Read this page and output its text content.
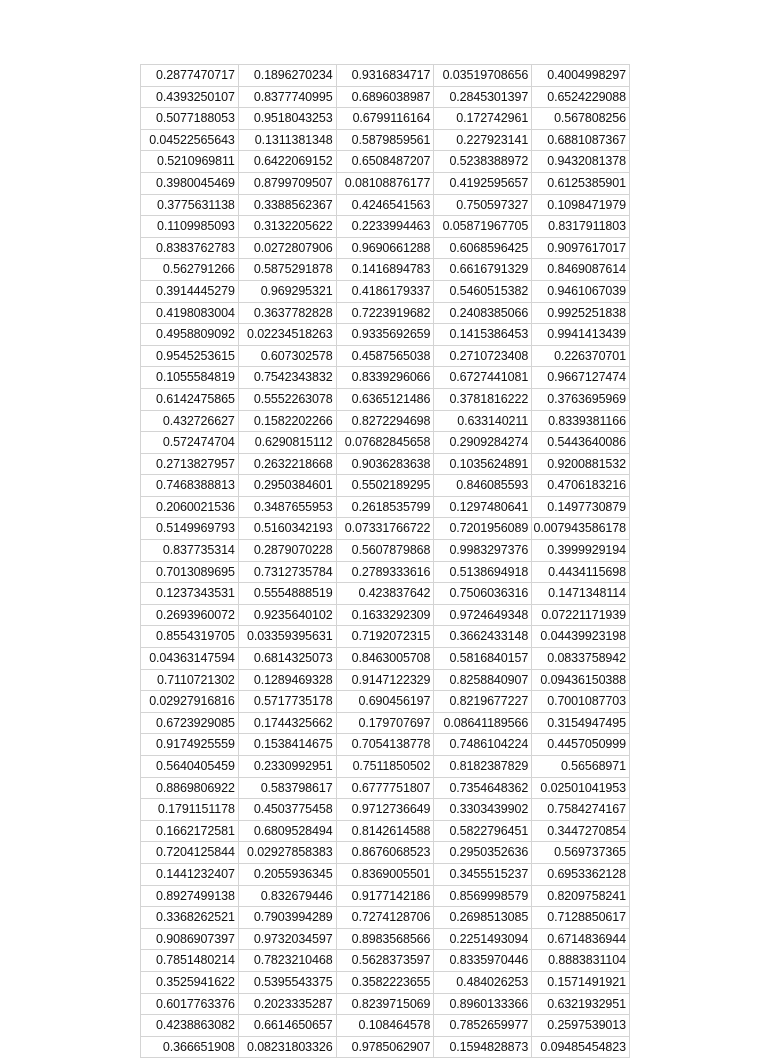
0.2877470717	0.1896270234	0.9316834717	0.03519708656	0.4004998297
0.4393250107	0.8377740995	0.6896038987	0.2845301397	0.6524229088
0.5077188053	0.9518043253	0.6799116164	0.172742961	0.567808256
0.04522565643	0.1311381348	0.5879859561	0.227923141	0.6881087367
0.5210969811	0.6422069152	0.6508487207	0.5238388972	0.9432081378
0.3980045469	0.8799709507	0.08108876177	0.4192595657	0.6125385901
0.3775631138	0.3388562367	0.4246541563	0.750597327	0.1098471979
0.1109985093	0.3132205622	0.2233994463	0.05871967705	0.8317911803
0.8383762783	0.0272807906	0.9690661288	0.6068596425	0.9097617017
0.562791266	0.5875291878	0.1416894783	0.6616791329	0.8469087614
0.3914445279	0.969295321	0.4186179337	0.5460515382	0.9461067039
0.4198083004	0.3637782828	0.7223919682	0.2408385066	0.9925251838
0.4958809092	0.02234518263	0.9335692659	0.1415386453	0.9941413439
0.9545253615	0.607302578	0.4587565038	0.2710723408	0.226370701
0.1055584819	0.7542343832	0.8339296066	0.6727441081	0.9667127474
0.6142475865	0.5552263078	0.6365121486	0.3781816222	0.3763695969
0.432726627	0.1582202266	0.8272294698	0.633140211	0.8339381166
0.572474704	0.6290815112	0.07682845658	0.2909284274	0.5443640086
0.2713827957	0.2632218668	0.9036283638	0.1035624891	0.9200881532
0.7468388813	0.2950384601	0.5502189295	0.846085593	0.4706183216
0.2060021536	0.3487655953	0.2618535799	0.1297480641	0.1497730879
0.5149969793	0.5160342193	0.07331766722	0.7201956089	0.007943586178
0.837735314	0.2879070228	0.5607879868	0.9983297376	0.3999929194
0.7013089695	0.7312735784	0.2789333616	0.5138694918	0.4434115698
0.1237343531	0.5554888519	0.423837642	0.7506036316	0.1471348114
0.2693960072	0.9235640102	0.1633292309	0.9724649348	0.07221171939
0.8554319705	0.03359395631	0.7192072315	0.3662433148	0.04439923198
0.04363147594	0.6814325073	0.8463005708	0.5816840157	0.0833758942
0.7110721302	0.1289469328	0.9147122329	0.8258840907	0.09436150388
0.02927916816	0.5717735178	0.690456197	0.8219677227	0.7001087703
0.6723929085	0.1744325662	0.179707697	0.08641189566	0.3154947495
0.9174925559	0.1538414675	0.7054138778	0.7486104224	0.4457050999
0.5640405459	0.2330992951	0.7511850502	0.8182387829	0.56568971
0.8869806922	0.583798617	0.6777751807	0.7354648362	0.02501041953
0.1791151178	0.4503775458	0.9712736649	0.3303439902	0.7584274167
0.1662172581	0.6809528494	0.8142614588	0.5822796451	0.3447270854
0.7204125844	0.02927858383	0.8676068523	0.2950352636	0.569737365
0.1441232407	0.2055936345	0.8369005501	0.3455515237	0.6953362128
0.8927499138	0.832679446	0.9177142186	0.8569998579	0.8209758241
0.3368262521	0.7903994289	0.7274128706	0.2698513085	0.7128850617
0.9086907397	0.9732034597	0.8983568566	0.2251493094	0.6714836944
0.7851480214	0.7823210468	0.5628373597	0.8335970446	0.8883831104
0.3525941622	0.5395543375	0.3582223655	0.484026253	0.1571491921
0.6017763376	0.2023335287	0.8239715069	0.8960133366	0.6321932951
0.4238863082	0.6614650657	0.108464578	0.7852659977	0.2597539013
0.366651908	0.08231803326	0.9785062907	0.1594828873	0.09485454823
